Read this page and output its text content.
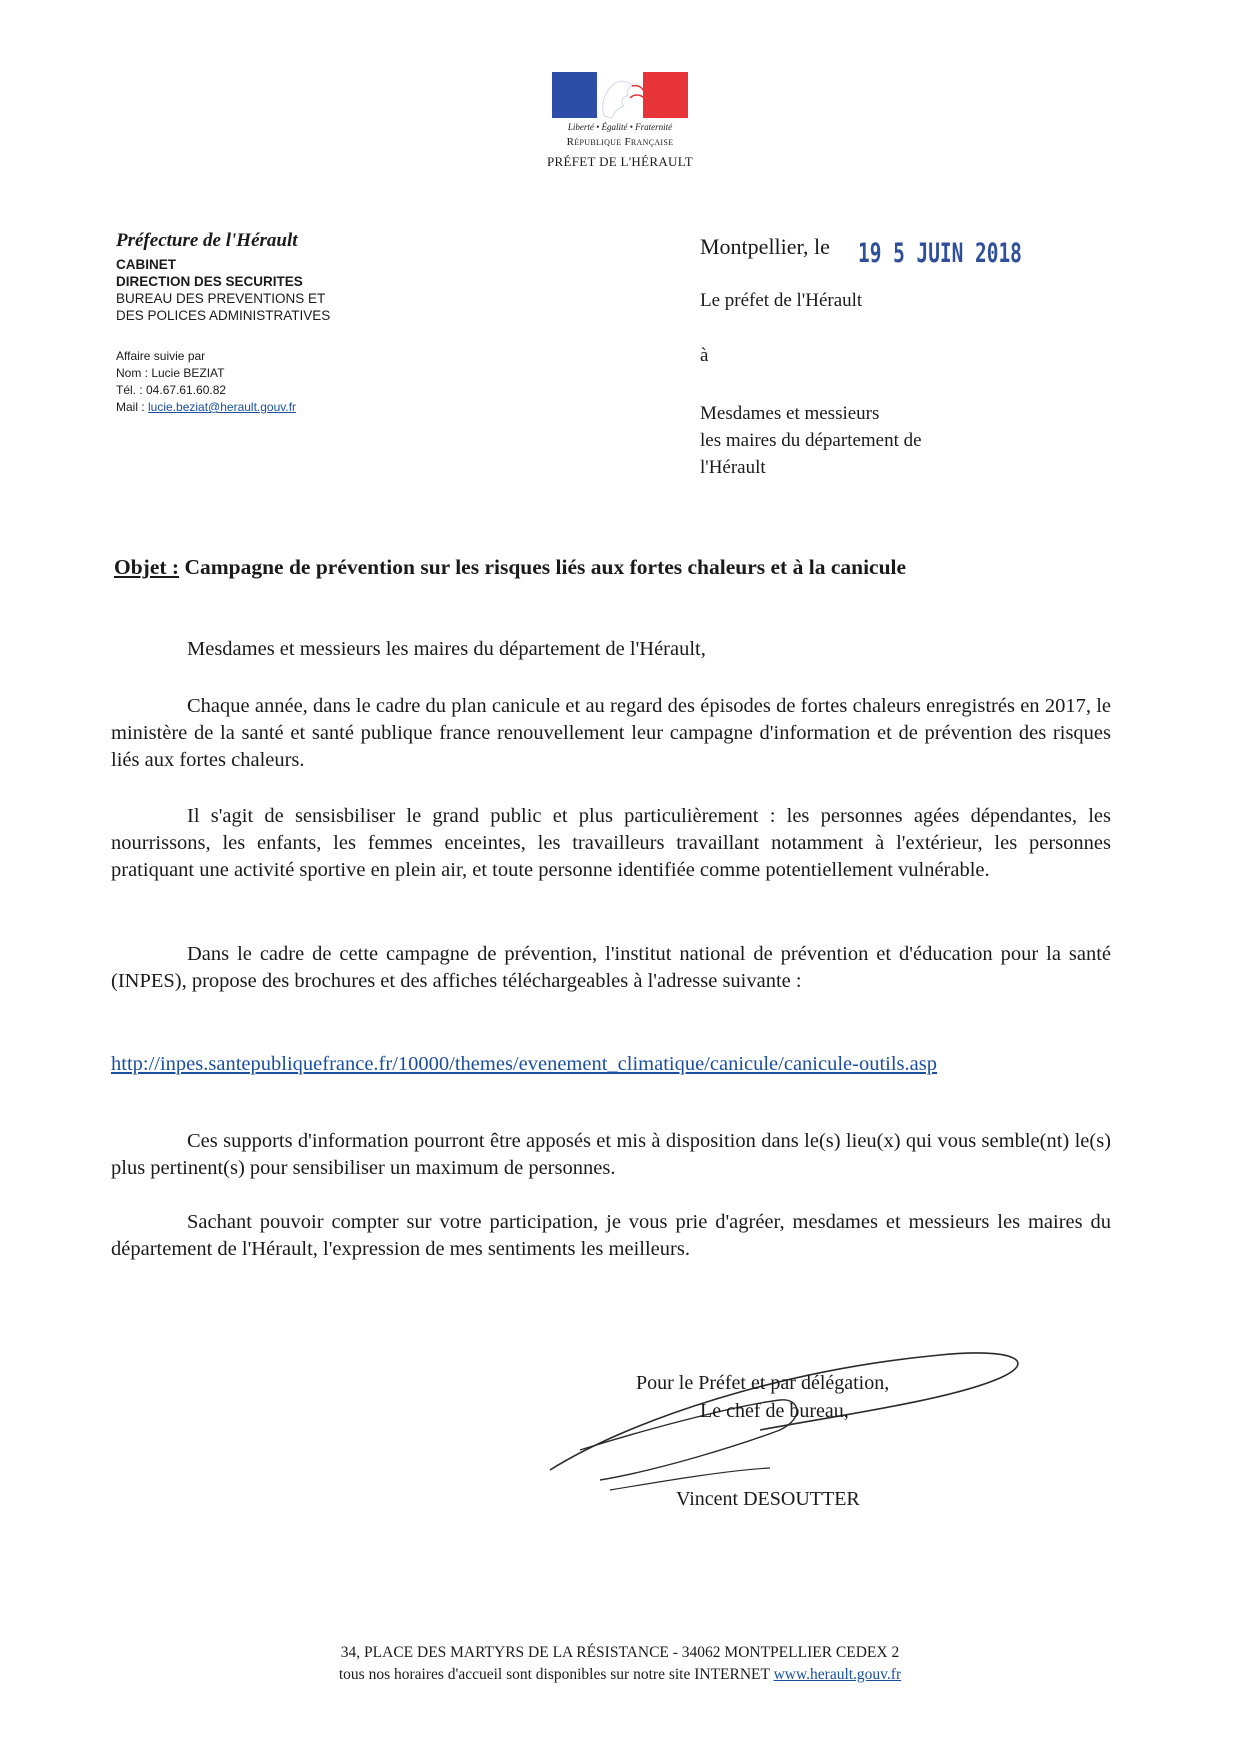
Liberté • Égalité • Fraternité
République Française
PRÉFET DE L'HÉRAULT
Préfecture de l'Hérault
CABINET
DIRECTION DES SECURITES
BUREAU DES PREVENTIONS ET
DES POLICES ADMINISTRATIVES
Affaire suivie par
Nom : Lucie BEZIAT
Tél. : 04.67.61.60.82
Mail : lucie.beziat@herault.gouv.fr
Montpellier, le 19 5 JUIN 2018
Le préfet de l'Hérault
à
Mesdames et messieurs
les maires du département de
l'Hérault
Objet : Campagne de prévention sur les risques liés aux fortes chaleurs et à la canicule

Mesdames et messieurs les maires du département de l'Hérault,

Chaque année, dans le cadre du plan canicule et au regard des épisodes de fortes chaleurs enregistrés en 2017, le ministère de la santé et santé publique france renouvellement leur campagne d'information et de prévention des risques liés aux fortes chaleurs.

Il s'agit de sensisbiliser le grand public et plus particulièrement : les personnes agées dépendantes, les nourrissons, les enfants, les femmes enceintes, les travailleurs travaillant notamment à l'extérieur, les personnes pratiquant une activité sportive en plein air, et toute personne identifiée comme potentiellement vulnérable.

Dans le cadre de cette campagne de prévention, l'institut national de prévention et d'éducation pour la santé (INPES), propose des brochures et des affiches téléchargeables à l'adresse suivante :

http://inpes.santepubliquefrance.fr/10000/themes/evenement_climatique/canicule/canicule-outils.asp

Ces supports d'information pourront être apposés et mis à disposition dans le(s) lieu(x) qui vous semble(nt) le(s) plus pertinent(s) pour sensibiliser un maximum de personnes.

Sachant pouvoir compter sur votre participation, je vous prie d'agréer, mesdames et messieurs les maires du département de l'Hérault, l'expression de mes sentiments les meilleurs.

Pour le Préfet et par délégation,
Le chef de bureau,
Vincent DESOUTTER
34, PLACE DES MARTYRS DE LA RÉSISTANCE - 34062 MONTPELLIER CEDEX 2
tous nos horaires d'accueil sont disponibles sur notre site INTERNET www.herault.gouv.fr
